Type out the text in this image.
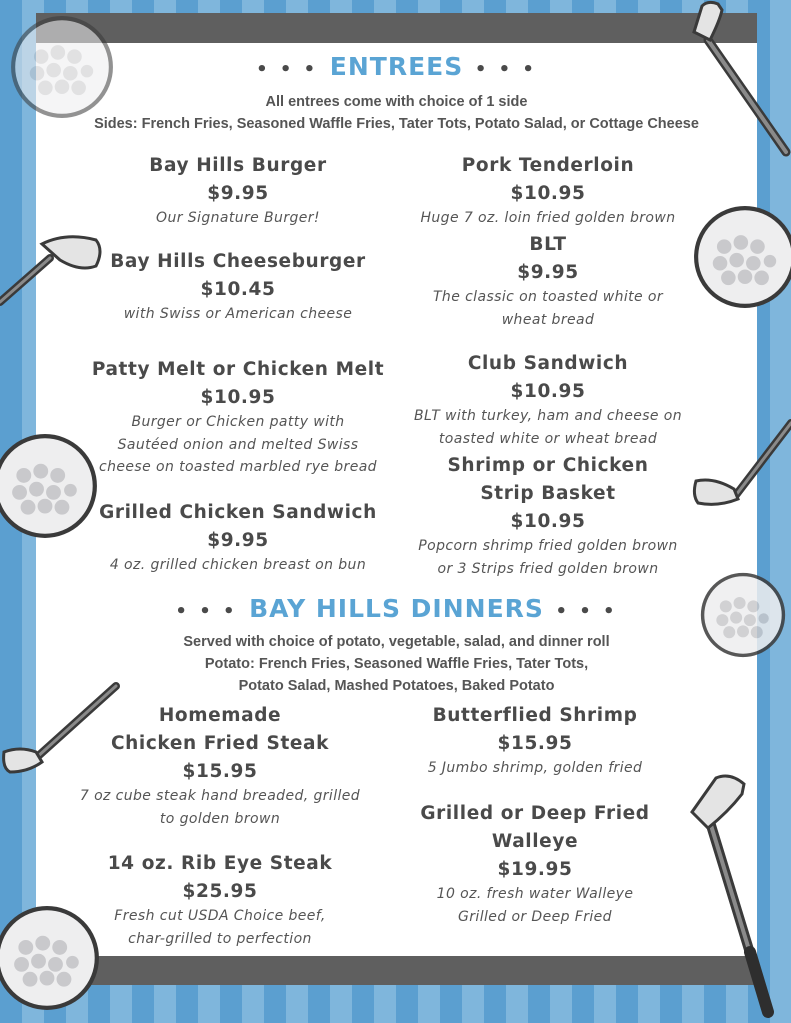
• • • ENTREES • • •
All entrees come with choice of 1 side
Sides: French Fries, Seasoned Waffle Fries, Tater Tots, Potato Salad, or Cottage Cheese
Bay Hills Burger
$9.95
Our Signature Burger!
Bay Hills Cheeseburger
$10.45
with Swiss or American cheese
Patty Melt or Chicken Melt
$10.95
Burger or Chicken patty with
Sautéed onion and melted Swiss
cheese on toasted marbled rye bread
Grilled Chicken Sandwich
$9.95
4 oz. grilled chicken breast on bun
Pork Tenderloin
$10.95
Huge 7 oz. loin fried golden brown
BLT
$9.95
The classic on toasted white or
wheat bread
Club Sandwich
$10.95
BLT with turkey, ham and cheese on
toasted white or wheat bread
Shrimp or Chicken
Strip Basket
$10.95
Popcorn shrimp fried golden brown
or 3 Strips fried golden brown
• • • BAY HILLS DINNERS • • •
Served with choice of potato, vegetable, salad, and dinner roll
Potato: French Fries, Seasoned Waffle Fries, Tater Tots,
Potato Salad, Mashed Potatoes, Baked Potato
Homemade
Chicken Fried Steak
$15.95
7 oz cube steak hand breaded, grilled
to golden brown
14 oz. Rib Eye Steak
$25.95
Fresh cut USDA Choice beef,
char-grilled to perfection
Butterflied Shrimp
$15.95
5 Jumbo shrimp, golden fried
Grilled or Deep Fried
Walleye
$19.95
10 oz. fresh water Walleye
Grilled or Deep Fried
